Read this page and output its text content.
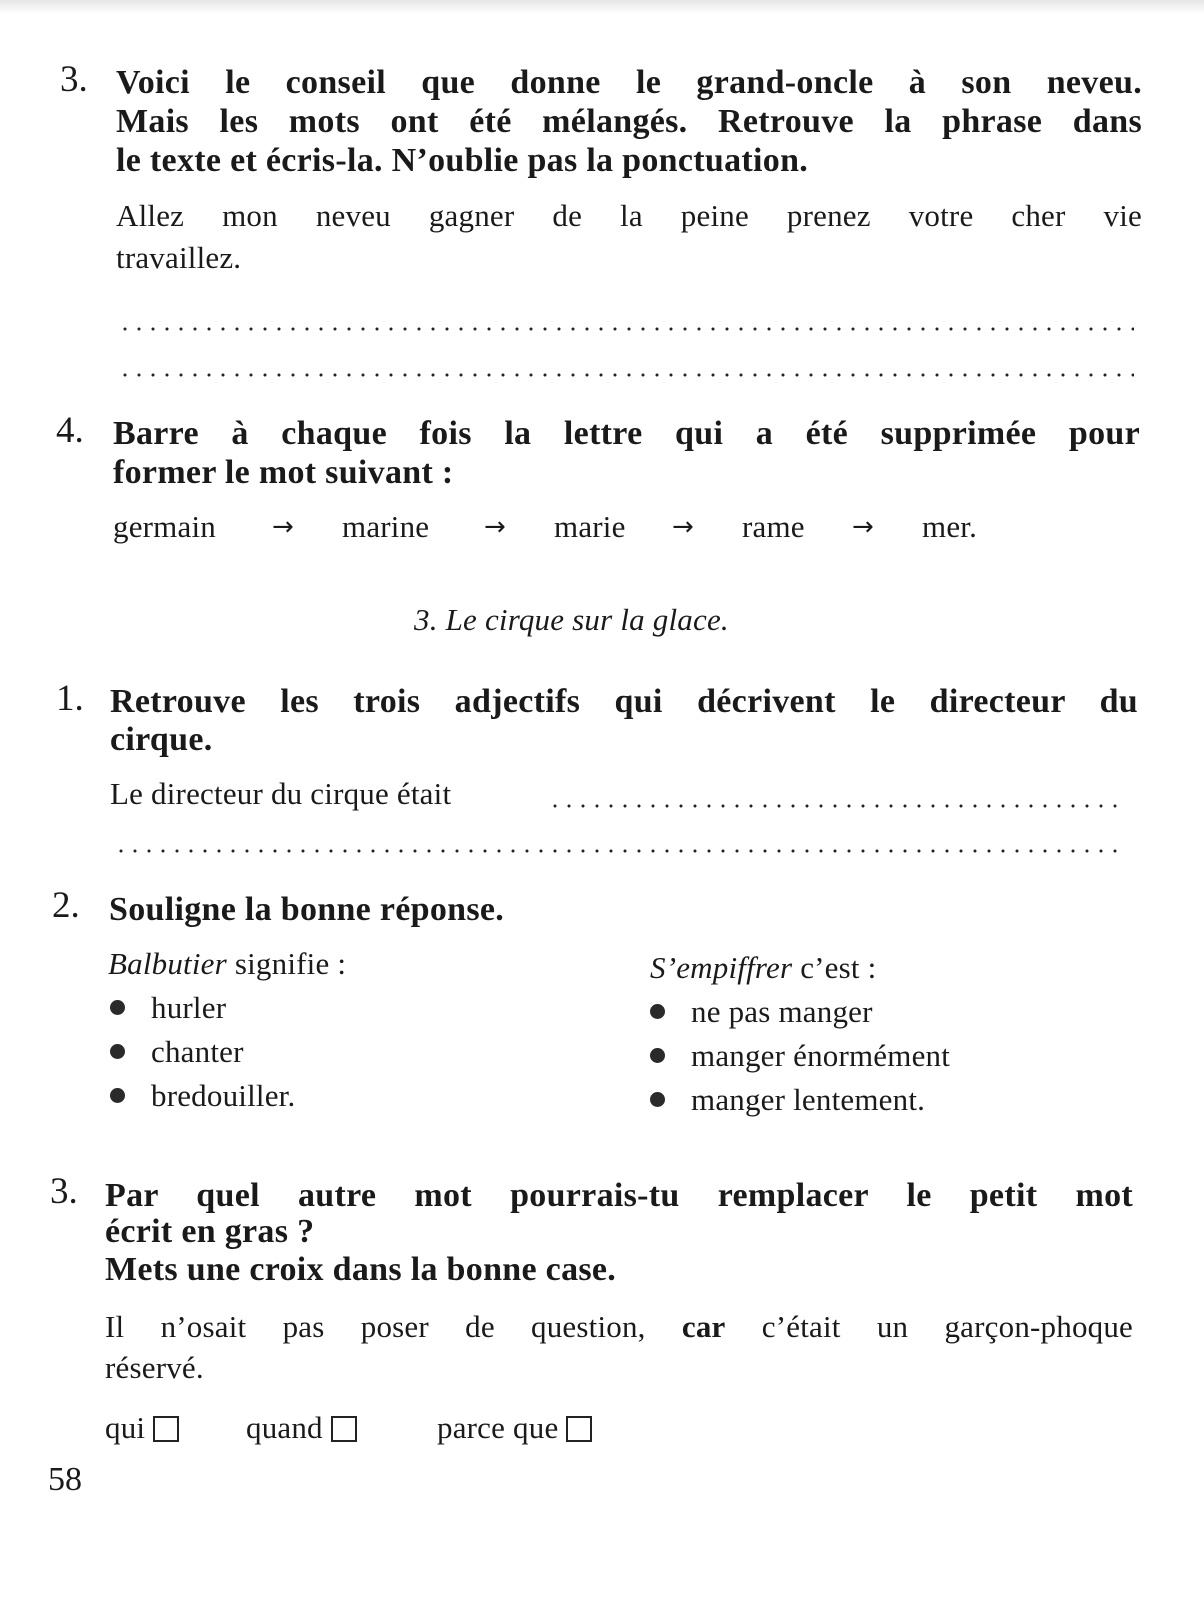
3. Voici le conseil que donne le grand-oncle à son neveu.
Mais les mots ont été mélangés. Retrouve la phrase dans
le texte et écris-la. N’oublie pas la ponctuation.
Allez mon neveu gagner de la peine prenez votre cher vie
travaillez.
4. Barre à chaque fois la lettre qui a été supprimée pour
former le mot suivant :
germain → marine → marie → rame → mer.
3. Le cirque sur la glace.
1. Retrouve les trois adjectifs qui décrivent le directeur du
cirque.
Le directeur du cirque était
2. Souligne la bonne réponse.
Balbutier signifie :
hurler
chanter
bredouiller.
S’empiffrer c’est :
ne pas manger
manger énormément
manger lentement.
3. Par quel autre mot pourrais-tu remplacer le petit mot
écrit en gras ?
Mets une croix dans la bonne case.
Il n’osait pas poser de question, car c’était un garçon-phoque
réservé.
qui	quand	parce que
58
